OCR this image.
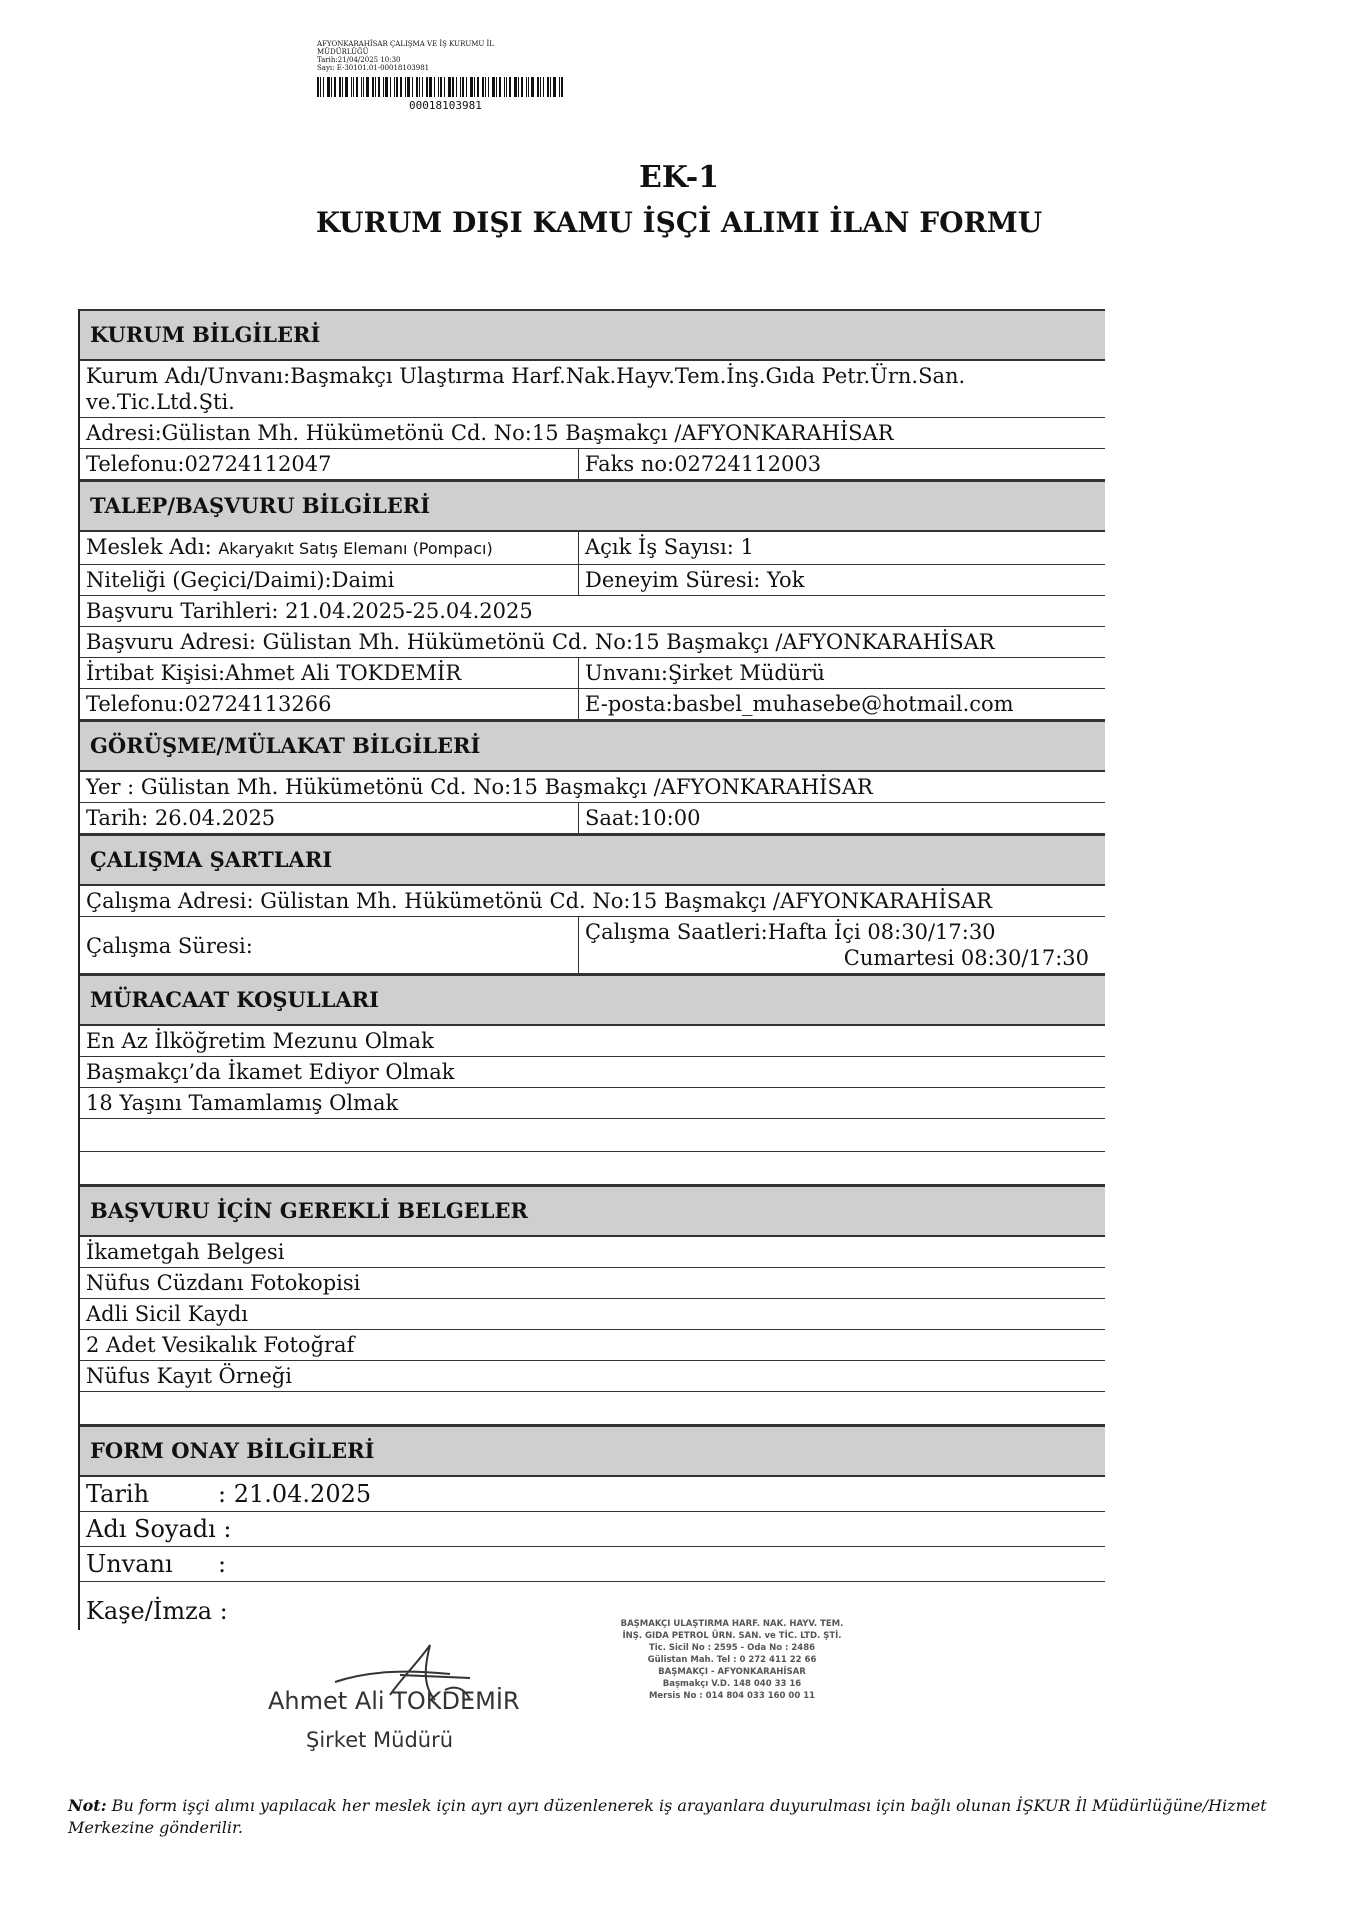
AFYONKARAHİSAR ÇALIŞMA VE İŞ KURUMU İL
MÜDÜRLÜĞÜ
Tarih:21/04/2025 10:30
Sayı: E-30101.01-00018103981
00018103981
EK-1
KURUM DIŞI KAMU İŞÇİ ALIMI İLAN FORMU
KURUM BİLGİLERİ
Kurum Adı/Unvanı:Başmakçı Ulaştırma Harf.Nak.Hayv.Tem.İnş.Gıda Petr.Ürn.San. ve.Tic.Ltd.Şti.
Adresi:Gülistan Mh. Hükümetönü Cd. No:15 Başmakçı /AFYONKARAHİSAR
Telefonu:02724112047	Faks no:02724112003
TALEP/BAŞVURU BİLGİLERİ
Meslek Adı: Akaryakıt Satış Elemanı (Pompacı)	Açık İş Sayısı: 1
Niteliği (Geçici/Daimi):Daimi	Deneyim Süresi: Yok
Başvuru Tarihleri: 21.04.2025-25.04.2025
Başvuru Adresi: Gülistan Mh. Hükümetönü Cd. No:15 Başmakçı /AFYONKARAHİSAR
İrtibat Kişisi:Ahmet Ali TOKDEMİR	Unvanı:Şirket Müdürü
Telefonu:02724113266	E-posta:basbel_muhasebe@hotmail.com
GÖRÜŞME/MÜLAKAT BİLGİLERİ
Yer : Gülistan Mh. Hükümetönü Cd. No:15 Başmakçı /AFYONKARAHİSAR
Tarih: 26.04.2025	Saat:10:00
ÇALIŞMA ŞARTLARI
Çalışma Adresi: Gülistan Mh. Hükümetönü Cd. No:15 Başmakçı /AFYONKARAHİSAR
Çalışma Süresi:
Çalışma Saatleri:Hafta İçi 08:30/17:30
Cumartesi 08:30/17:30
MÜRACAAT KOŞULLARI
En Az İlköğretim Mezunu Olmak
Başmakçı’da İkamet Ediyor Olmak
18 Yaşını Tamamlamış Olmak
BAŞVURU İÇİN GEREKLİ BELGELER
İkametgah Belgesi
Nüfus Cüzdanı Fotokopisi
Adli Sicil Kaydı
2 Adet Vesikalık Fotoğraf
Nüfus Kayıt Örneği
FORM ONAY BİLGİLERİ
Tarih	: 21.04.2025
Adı Soyadı :
Unvanı	:
Kaşe/İmza :
Ahmet Ali TOKDEMİR
Şirket Müdürü
BAŞMAKÇI ULAŞTIRMA HARF. NAK. HAYV. TEM.
İNŞ. GIDA PETROL ÜRN. SAN. ve TİC. LTD. ŞTİ.
Tic. Sicil No : 2595 - Oda No : 2486
Gülistan Mah. Tel : 0 272 411 22 66
BAŞMAKÇI - AFYONKARAHİSAR
Başmakçı V.D. 148 040 33 16
Mersis No : 014 804 033 160 00 11
Not: Bu form işçi alımı yapılacak her meslek için ayrı ayrı düzenlenerek iş arayanlara duyurulması için bağlı olunan İŞKUR İl Müdürlüğüne/Hizmet Merkezine gönderilir.
